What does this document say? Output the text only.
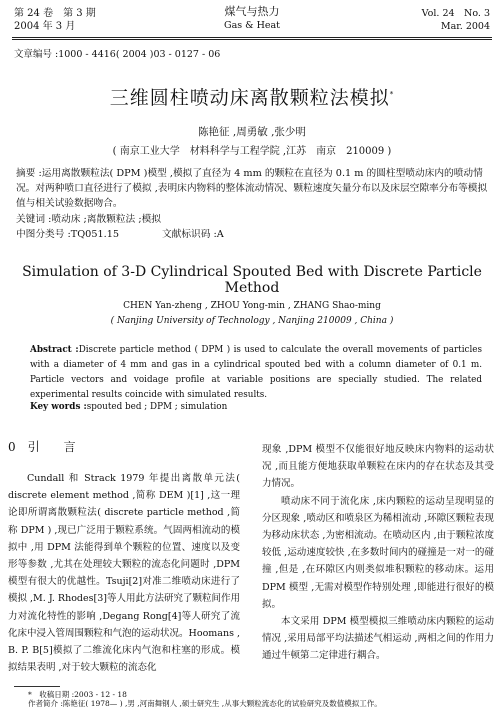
第 24 卷　第 3 期
2004 年 3 月
煤气与热力
Gas & Heat
Vol. 24　No. 3
Mar. 2004
文章编号 :1000 - 4416( 2004 )03 - 0127 - 06
三维圆柱喷动床离散颗粒法模拟*
陈艳征 ,周勇敏 ,张少明
( 南京工业大学　材料科学与工程学院 ,江苏　南京　210009 )
摘要 :运用离散颗粒法( DPM )模型 ,模拟了直径为 4 mm 的颗粒在直径为 0.1 m 的圆柱型喷动床内的喷动情况。对两种喷口直径进行了模拟 ,表明床内物料的整体流动情况、颗粒速度矢量分布以及床层空隙率分布等模拟值与相关试验数据吻合。
关键词 :喷动床 ;离散颗粒法 ;模拟
中图分类号 :TQ051.15	文献标识码 :A
Simulation of 3-D Cylindrical Spouted Bed with Discrete Particle Method
CHEN Yan-zheng , ZHOU Yong-min , ZHANG Shao-ming
( Nanjing University of Technology , Nanjing 210009 , China )
Abstract :Discrete particle method ( DPM ) is used to calculate the overall movements of particles with a diameter of 4 mm and gas in a cylindrical spouted bed with a column diameter of 0.1 m. Particle vectors and voidage profile at variable positions are specially studied. The related experimental results coincide with simulated results.
Key words :spouted bed ; DPM ; simulation
0　 引　　言

Cundall 和 Strack 1979 年提出离散单元法( discrete element method ,简称 DEM )[1] ,这一理论即所谓离散颗粒法( discrete particle method ,简称 DPM ) ,现已广泛用于颗粒系统。气固两相流动的模拟中 ,用 DPM 法能得到单个颗粒的位置、速度以及变形等参数 ,尤其在处理较大颗粒的流态化问题时 ,DPM 模型有很大的优越性。Tsuji[2]对准二维喷动床进行了模拟 ,M. J. Rhodes[3]等人用此方法研究了颗粒间作用力对流化特性的影响 ,Degang Rong[4]等人研究了流化床中浸入管周围颗粒和气泡的运动状况。Hoomans , B. P. B[5]模拟了二维流化床内气泡和柱塞的形成。模拟结果表明 ,对于较大颗粒的流态化

现象 ,DPM 模型不仅能很好地反映床内物料的运动状况 ,而且能方便地获取单颗粒在床内的存在状态及其受力情况。

喷动床不同于流化床 ,床内颗粒的运动呈现明显的分区现象 ,喷动区和喷泉区为稀相流动 ,环隙区颗粒表现为移动床状态 ,为密相流动。在喷动区内 ,由于颗粒浓度较低 ,运动速度较快 ,在多数时间内的碰撞是一对一的碰撞 ,但是 ,在环隙区内则类似堆积颗粒的移动床。运用 DPM 模型 ,无需对模型作特别处理 ,即能进行很好的模拟。

本文采用 DPM 模型模拟三维喷动床内颗粒的运动情况 ,采用局部平均法描述气相运动 ,两相之间的作用力通过牛顿第二定律进行耦合。

*　收稿日期 :2003 - 12 - 18
作者简介 :陈艳征( 1978— ) ,男 ,河南舞钢人 ,硕士研究生 ,从事大颗粒流态化的试验研究及数值模拟工作。
